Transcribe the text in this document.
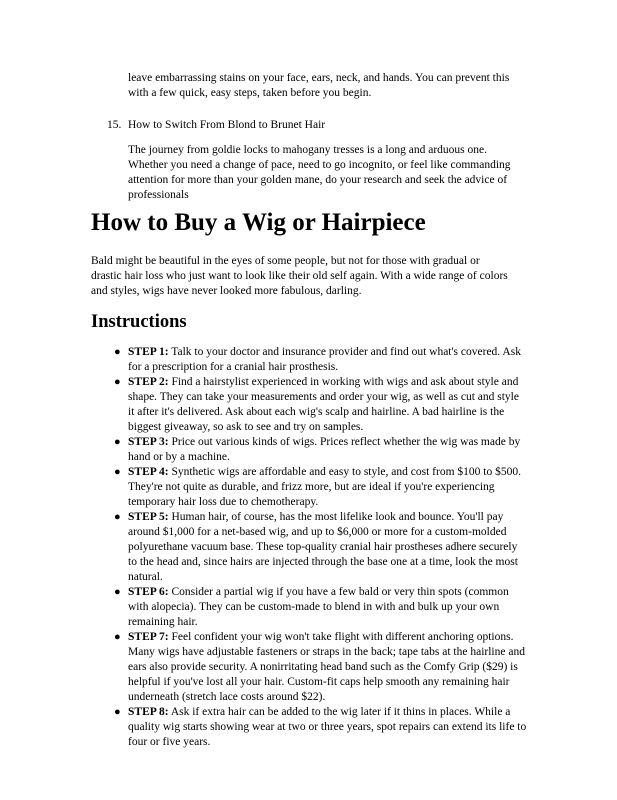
leave embarrassing stains on your face, ears, neck, and hands. You can prevent this with a few quick, easy steps, taken before you begin.

15. How to Switch From Blond to Brunet Hair

The journey from goldie locks to mahogany tresses is a long and arduous one. Whether you need a change of pace, need to go incognito, or feel like commanding attention for more than your golden mane, do your research and seek the advice of professionals

How to Buy a Wig or Hairpiece

Bald might be beautiful in the eyes of some people, but not for those with gradual or drastic hair loss who just want to look like their old self again. With a wide range of colors and styles, wigs have never looked more fabulous, darling.

Instructions
● STEP 1: Talk to your doctor and insurance provider and find out what's covered. Ask for a prescription for a cranial hair prosthesis.
● STEP 2: Find a hairstylist experienced in working with wigs and ask about style and shape. They can take your measurements and order your wig, as well as cut and style it after it's delivered. Ask about each wig's scalp and hairline. A bad hairline is the biggest giveaway, so ask to see and try on samples.
● STEP 3: Price out various kinds of wigs. Prices reflect whether the wig was made by hand or by a machine.
● STEP 4: Synthetic wigs are affordable and easy to style, and cost from $100 to $500. They're not quite as durable, and frizz more, but are ideal if you're experiencing temporary hair loss due to chemotherapy.
● STEP 5: Human hair, of course, has the most lifelike look and bounce. You'll pay around $1,000 for a net-based wig, and up to $6,000 or more for a custom-molded polyurethane vacuum base. These top-quality cranial hair prostheses adhere securely to the head and, since hairs are injected through the base one at a time, look the most natural.
● STEP 6: Consider a partial wig if you have a few bald or very thin spots (common with alopecia). They can be custom-made to blend in with and bulk up your own remaining hair.
● STEP 7: Feel confident your wig won't take flight with different anchoring options. Many wigs have adjustable fasteners or straps in the back; tape tabs at the hairline and ears also provide security. A nonirritating head band such as the Comfy Grip ($29) is helpful if you've lost all your hair. Custom-fit caps help smooth any remaining hair underneath (stretch lace costs around $22).
● STEP 8: Ask if extra hair can be added to the wig later if it thins in places. While a quality wig starts showing wear at two or three years, spot repairs can extend its life to four or five years.
